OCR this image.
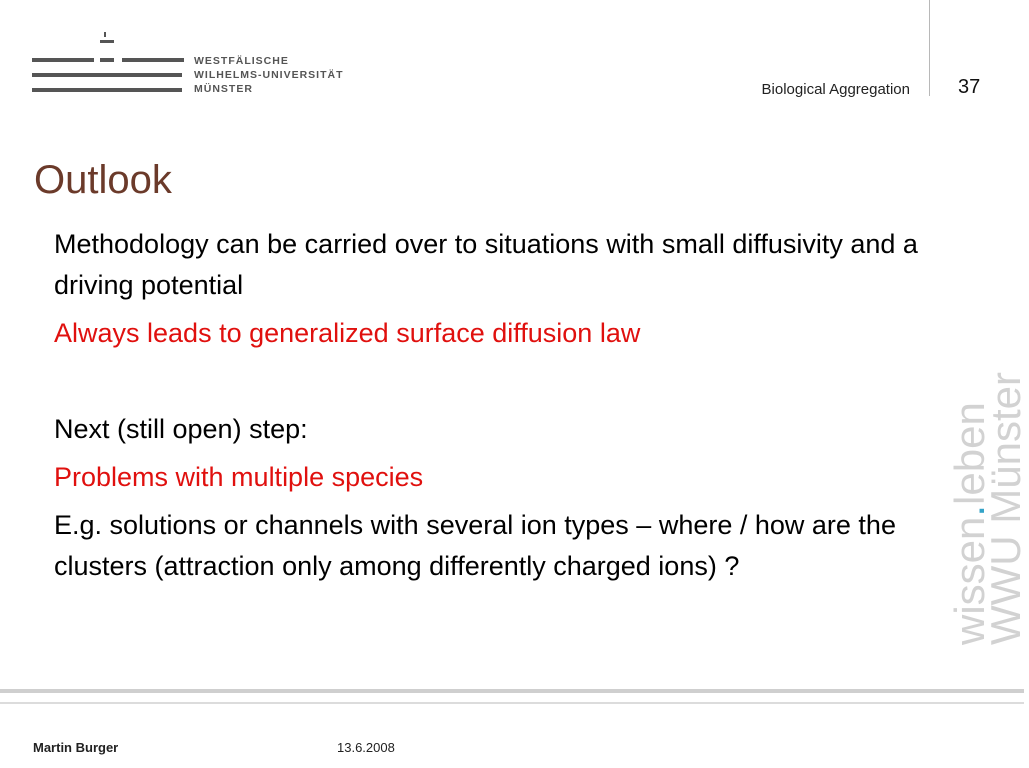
WESTFÄLISCHE
WILHELMS-UNIVERSITÄT
MÜNSTER	Biological Aggregation 37
Outlook

Methodology can be carried over to situations with small diffusivity and a driving potential

Always leads to generalized surface diffusion law

Next (still open) step:

Problems with multiple species

E.g. solutions or channels with several ion types – where / how are the clusters (attraction only among differently charged ions) ?	wissen.leben
WWU Münster
Martin Burger	13.6.2008
